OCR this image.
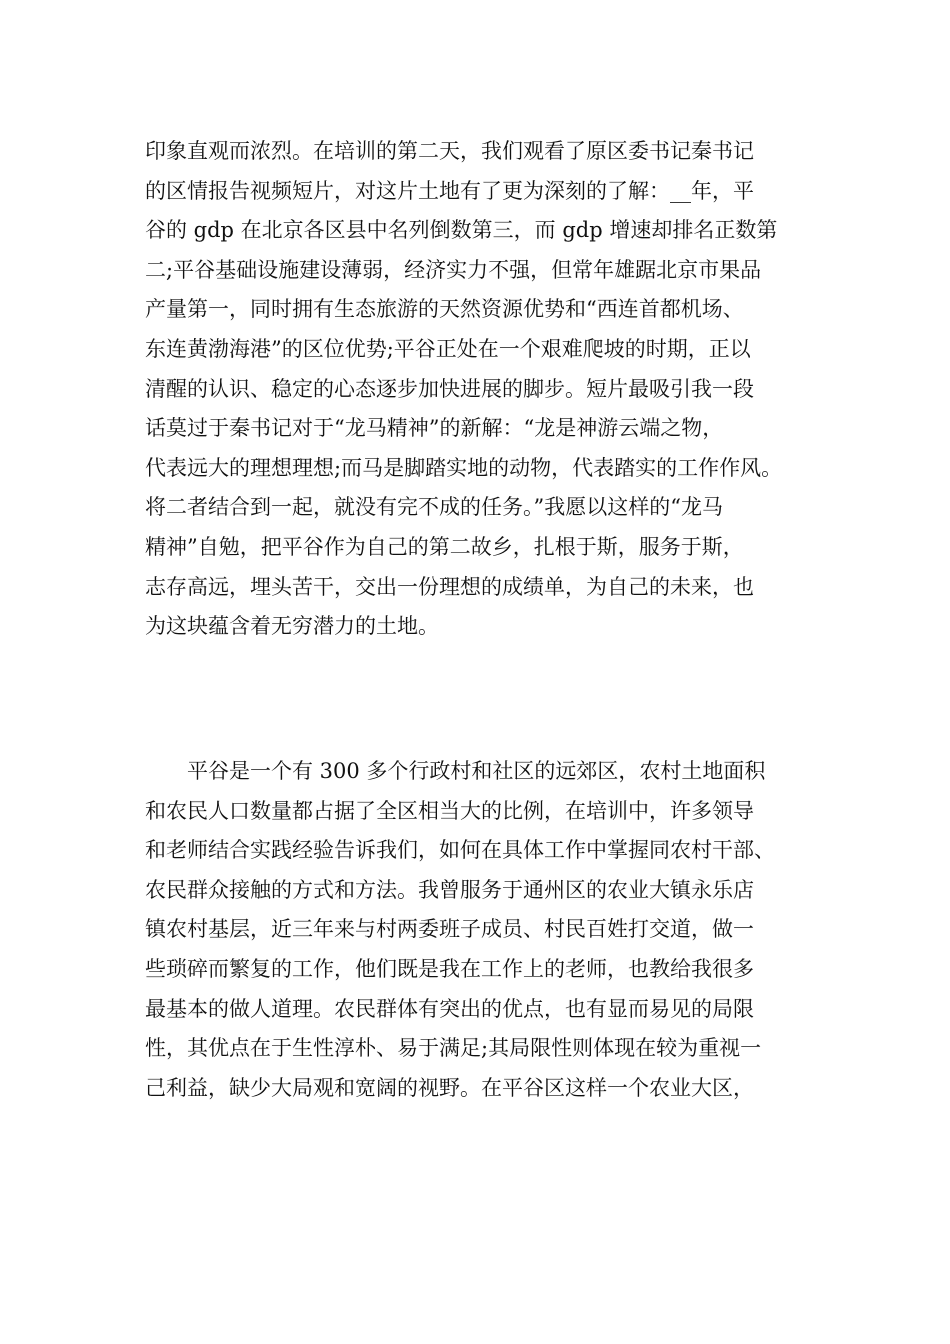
印象直观而浓烈。在培训的第二天，我们观看了原区委书记秦书记
的区情报告视频短片，对这片土地有了更为深刻的了解：__年，平
谷的 gdp 在北京各区县中名列倒数第三，而 gdp 增速却排名正数第
二;平谷基础设施建设薄弱，经济实力不强，但常年雄踞北京市果品
产量第一，同时拥有生态旅游的天然资源优势和“西连首都机场、
东连黄渤海港”的区位优势;平谷正处在一个艰难爬坡的时期，正以
清醒的认识、稳定的心态逐步加快进展的脚步。短片最吸引我一段
话莫过于秦书记对于“龙马精神”的新解：“龙是神游云端之物，
代表远大的理想理想;而马是脚踏实地的动物，代表踏实的工作作风。
将二者结合到一起，就没有完不成的任务。”我愿以这样的“龙马
精神”自勉，把平谷作为自己的第二故乡，扎根于斯，服务于斯，
志存高远，埋头苦干，交出一份理想的成绩单，为自己的未来，也
为这块蕴含着无穷潜力的土地。
　　平谷是一个有 300 多个行政村和社区的远郊区，农村土地面积
和农民人口数量都占据了全区相当大的比例，在培训中，许多领导
和老师结合实践经验告诉我们，如何在具体工作中掌握同农村干部、
农民群众接触的方式和方法。我曾服务于通州区的农业大镇永乐店
镇农村基层，近三年来与村两委班子成员、村民百姓打交道，做一
些琐碎而繁复的工作，他们既是我在工作上的老师，也教给我很多
最基本的做人道理。农民群体有突出的优点，也有显而易见的局限
性，其优点在于生性淳朴、易于满足;其局限性则体现在较为重视一
己利益，缺少大局观和宽阔的视野。在平谷区这样一个农业大区，
